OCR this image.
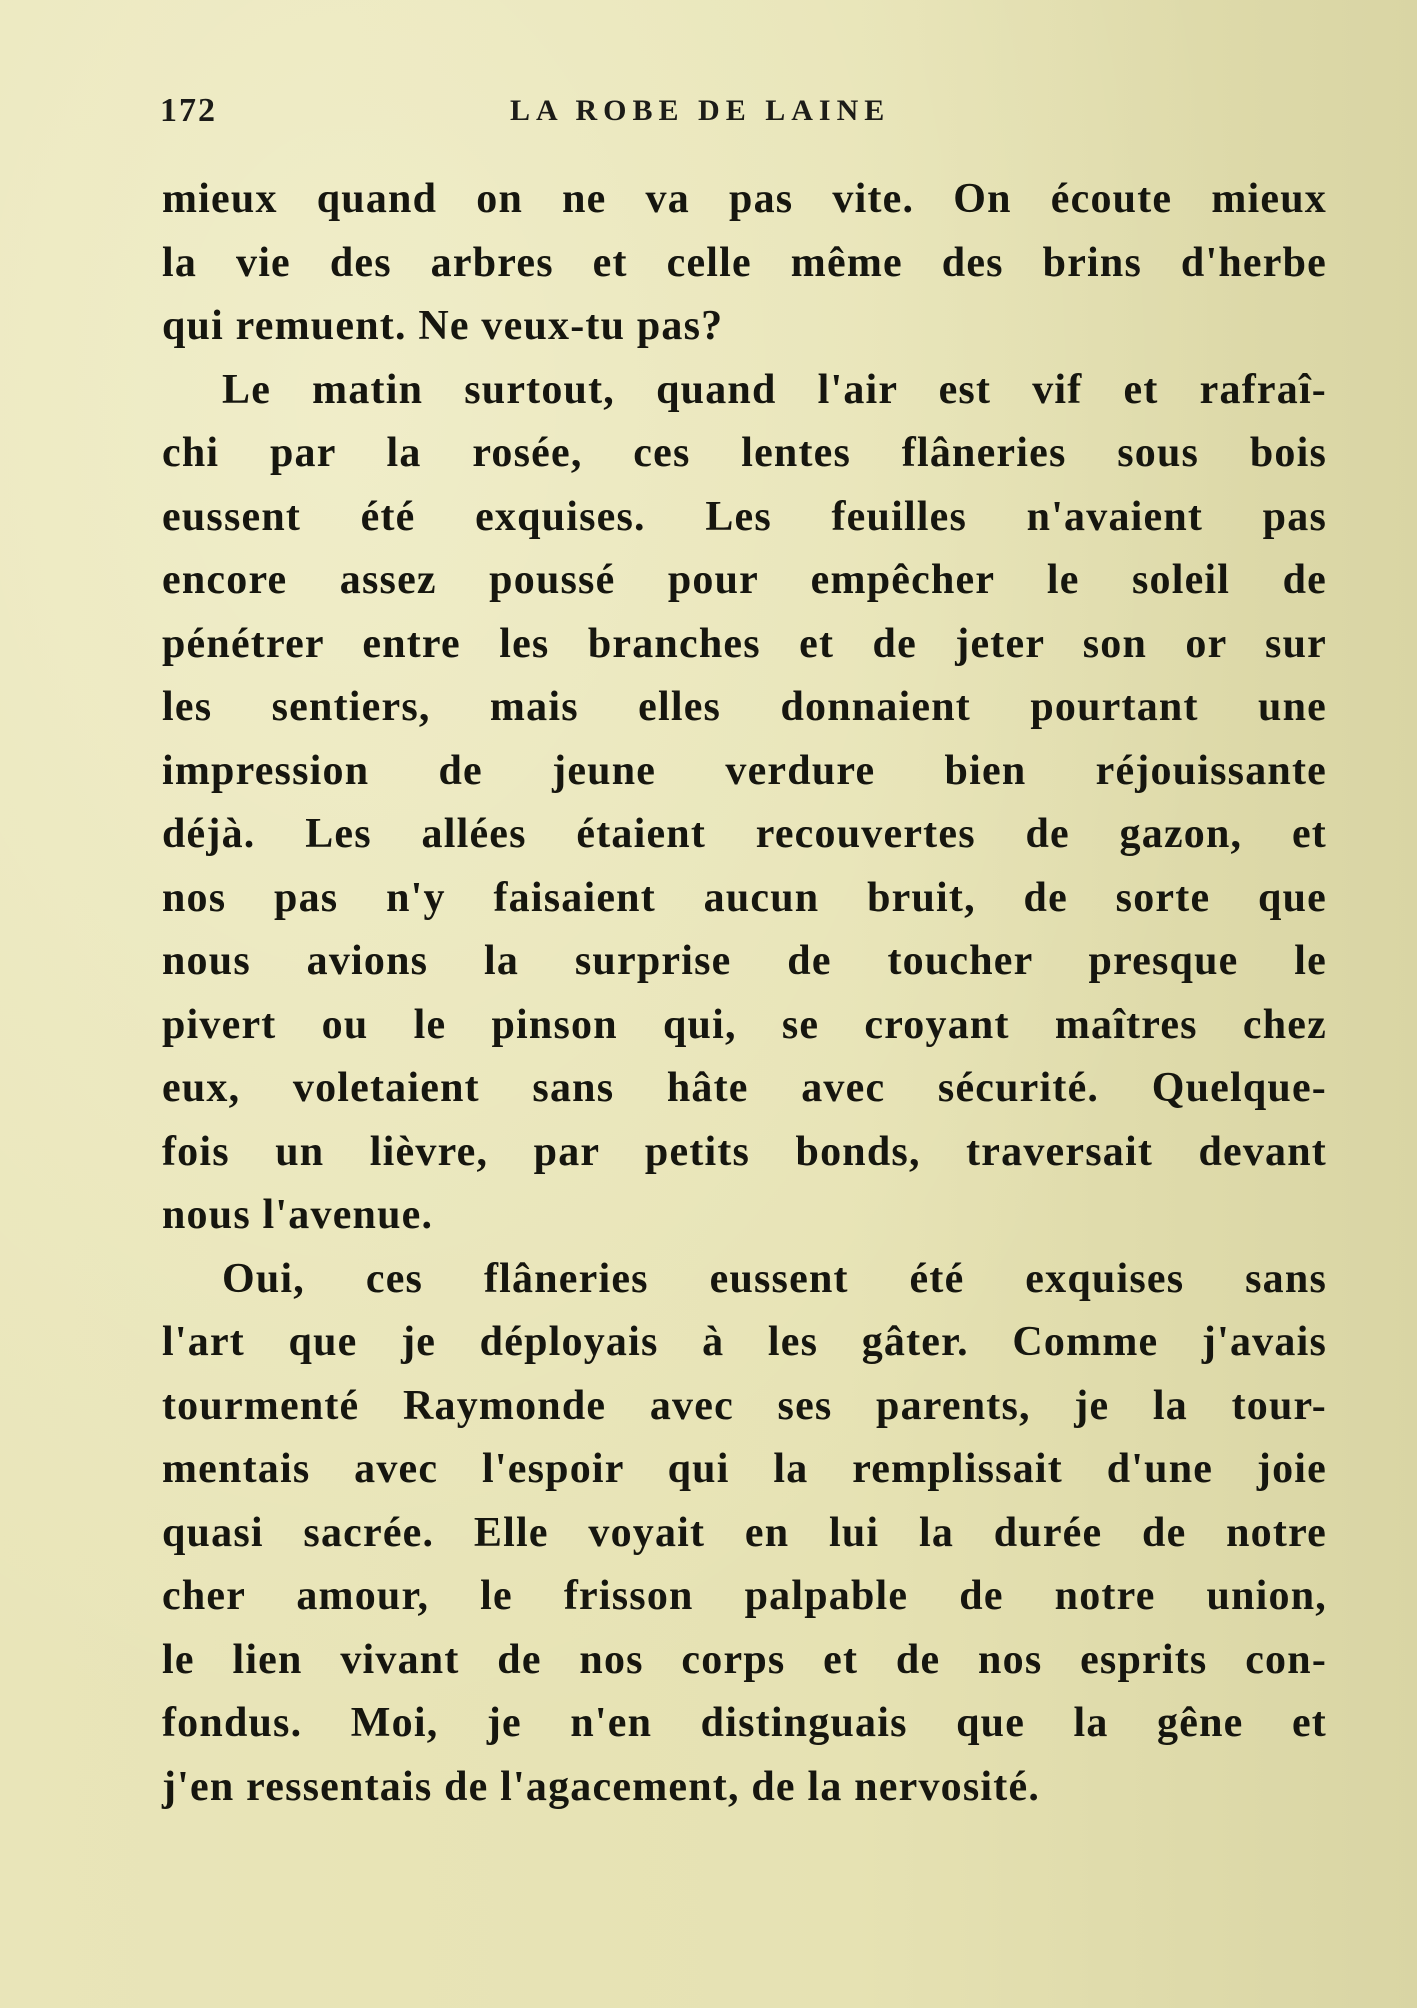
172	LA ROBE DE LAINE

mieux quand on ne va pas vite. On écoute mieux
la vie des arbres et celle même des brins d'herbe
qui remuent. Ne veux-tu pas?

Le matin surtout, quand l'air est vif et rafraî-
chi par la rosée, ces lentes flâneries sous bois
eussent été exquises. Les feuilles n'avaient pas
encore assez poussé pour empêcher le soleil de
pénétrer entre les branches et de jeter son or sur
les sentiers, mais elles donnaient pourtant une
impression de jeune verdure bien réjouissante
déjà. Les allées étaient recouvertes de gazon, et
nos pas n'y faisaient aucun bruit, de sorte que
nous avions la surprise de toucher presque le
pivert ou le pinson qui, se croyant maîtres chez
eux, voletaient sans hâte avec sécurité. Quelque-
fois un lièvre, par petits bonds, traversait devant
nous l'avenue.

Oui, ces flâneries eussent été exquises sans
l'art que je déployais à les gâter. Comme j'avais
tourmenté Raymonde avec ses parents, je la tour-
mentais avec l'espoir qui la remplissait d'une joie
quasi sacrée. Elle voyait en lui la durée de notre
cher amour, le frisson palpable de notre union,
le lien vivant de nos corps et de nos esprits con-
fondus. Moi, je n'en distinguais que la gêne et
j'en ressentais de l'agacement, de la nervosité.
